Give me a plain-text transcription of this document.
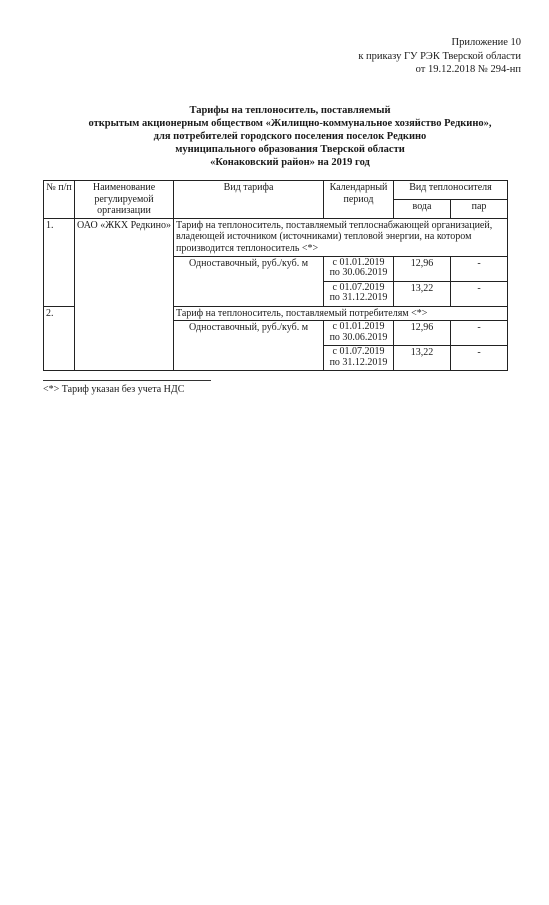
Приложение 10
к приказу ГУ РЭК Тверской области
от 19.12.2018 № 294-нп
Тарифы на теплоноситель, поставляемый
открытым акционерным обществом «Жилищно-коммунальное хозяйство Редкино»,
для потребителей городского поселения поселок Редкино
муниципального образования Тверской области
«Конаковский район» на 2019 год
№ п/п	Наименование регулируемой организации	Вид тарифа	Календарный период	Вид теплоносителя	
				вода	пар
1.	ОАО «ЖКХ Редкино»	Тариф на теплоноситель, поставляемый теплоснабжающей организацией, владеющей источником (источниками) тепловой энергии, на котором производится теплоноситель <*>			
		Одноставочный, руб./куб. м	с 01.01.2019
по 30.06.2019	12,96	-

			с 01.07.2019
по 31.12.2019	13,22	-
2.		Тариф на теплоноситель, поставляемый потребителям <*>			
		Одноставочный, руб./куб. м	с 01.01.2019
по 30.06.2019	12,96	-

			с 01.07.2019
по 31.12.2019	13,22	-
<*> Тариф указан без учета НДС
